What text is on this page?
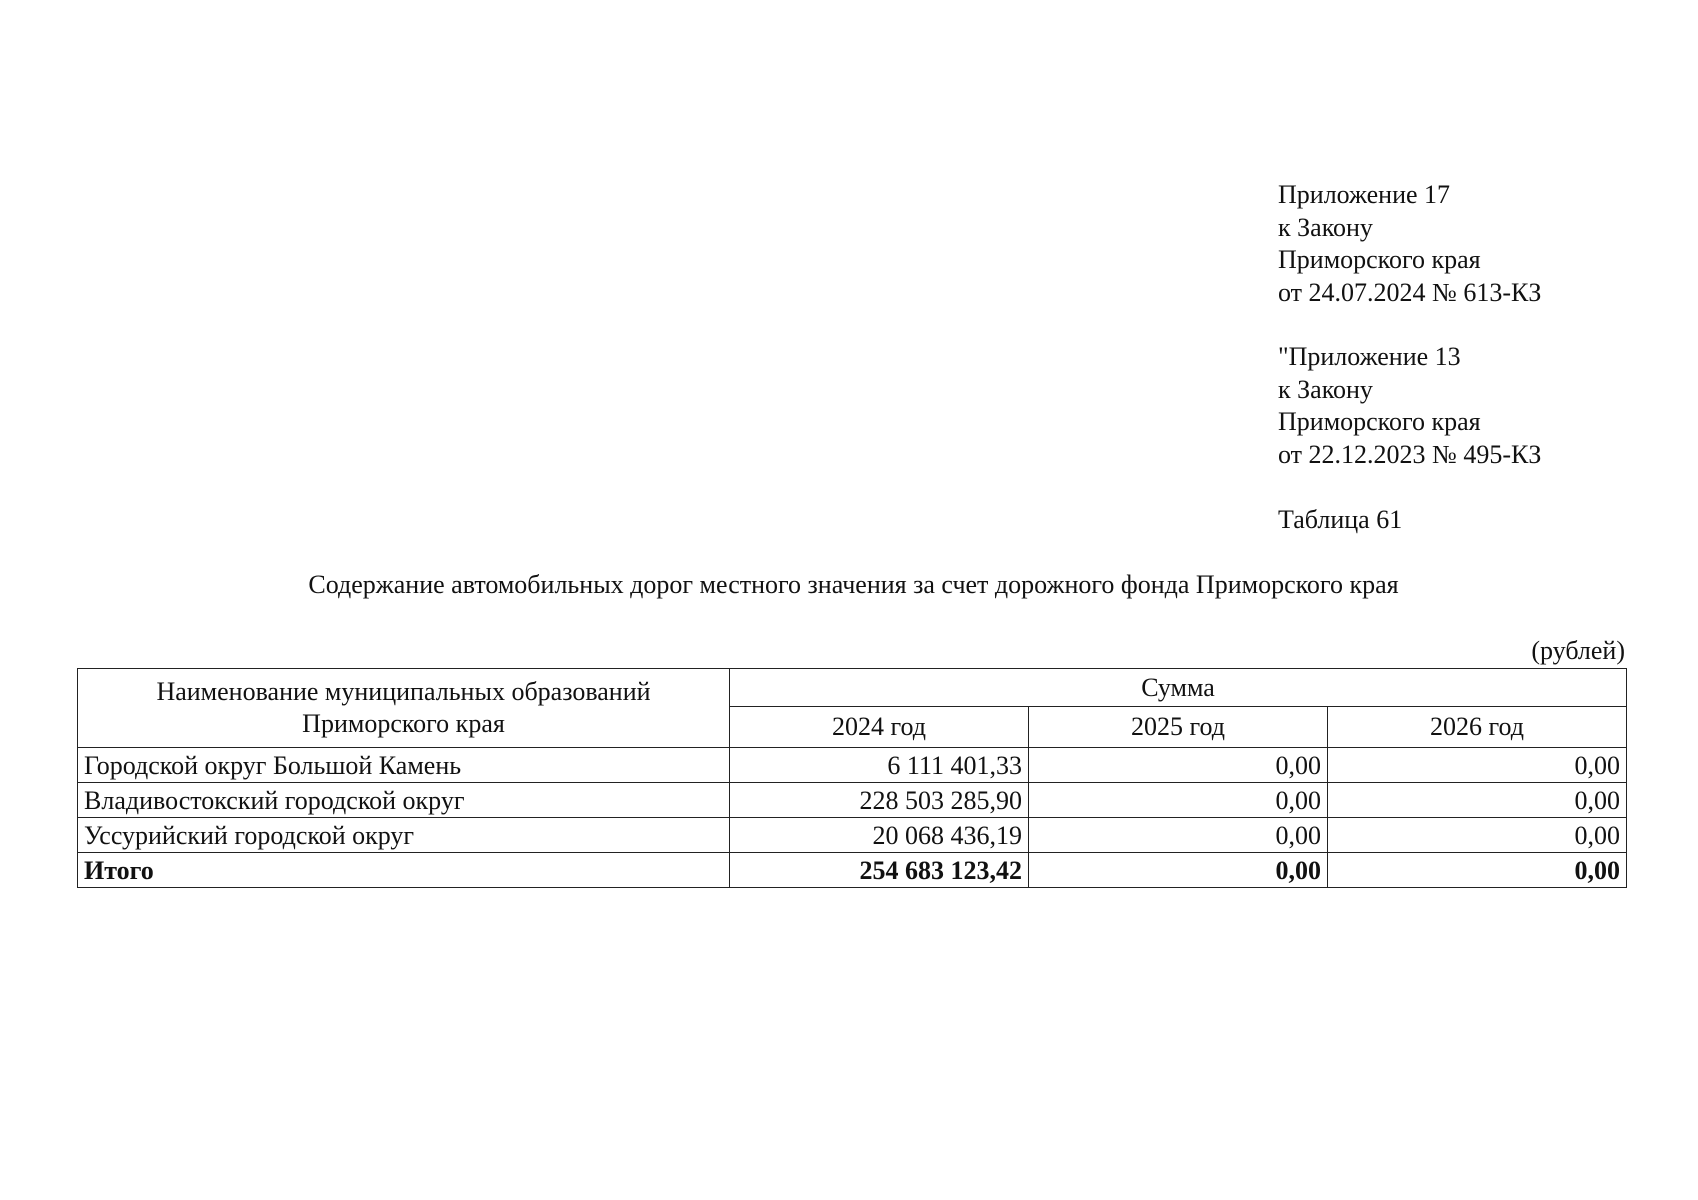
Приложение 17
к Закону
Приморского края
от 24.07.2024 № 613-КЗ
"Приложение 13
к Закону
Приморского края
от 22.12.2023 № 495-КЗ
Таблица 61
Содержание автомобильных дорог местного значения за счет дорожного фонда Приморского края
(рублей)
Наименование муниципальных образований
Приморского края	Сумма		
	2024 год	2025 год	2026 год
Городской округ Большой Камень	6 111 401,33	0,00	0,00
Владивостокский городской округ	228 503 285,90	0,00	0,00
Уссурийский городской округ	20 068 436,19	0,00	0,00
Итого	254 683 123,42	0,00	0,00
